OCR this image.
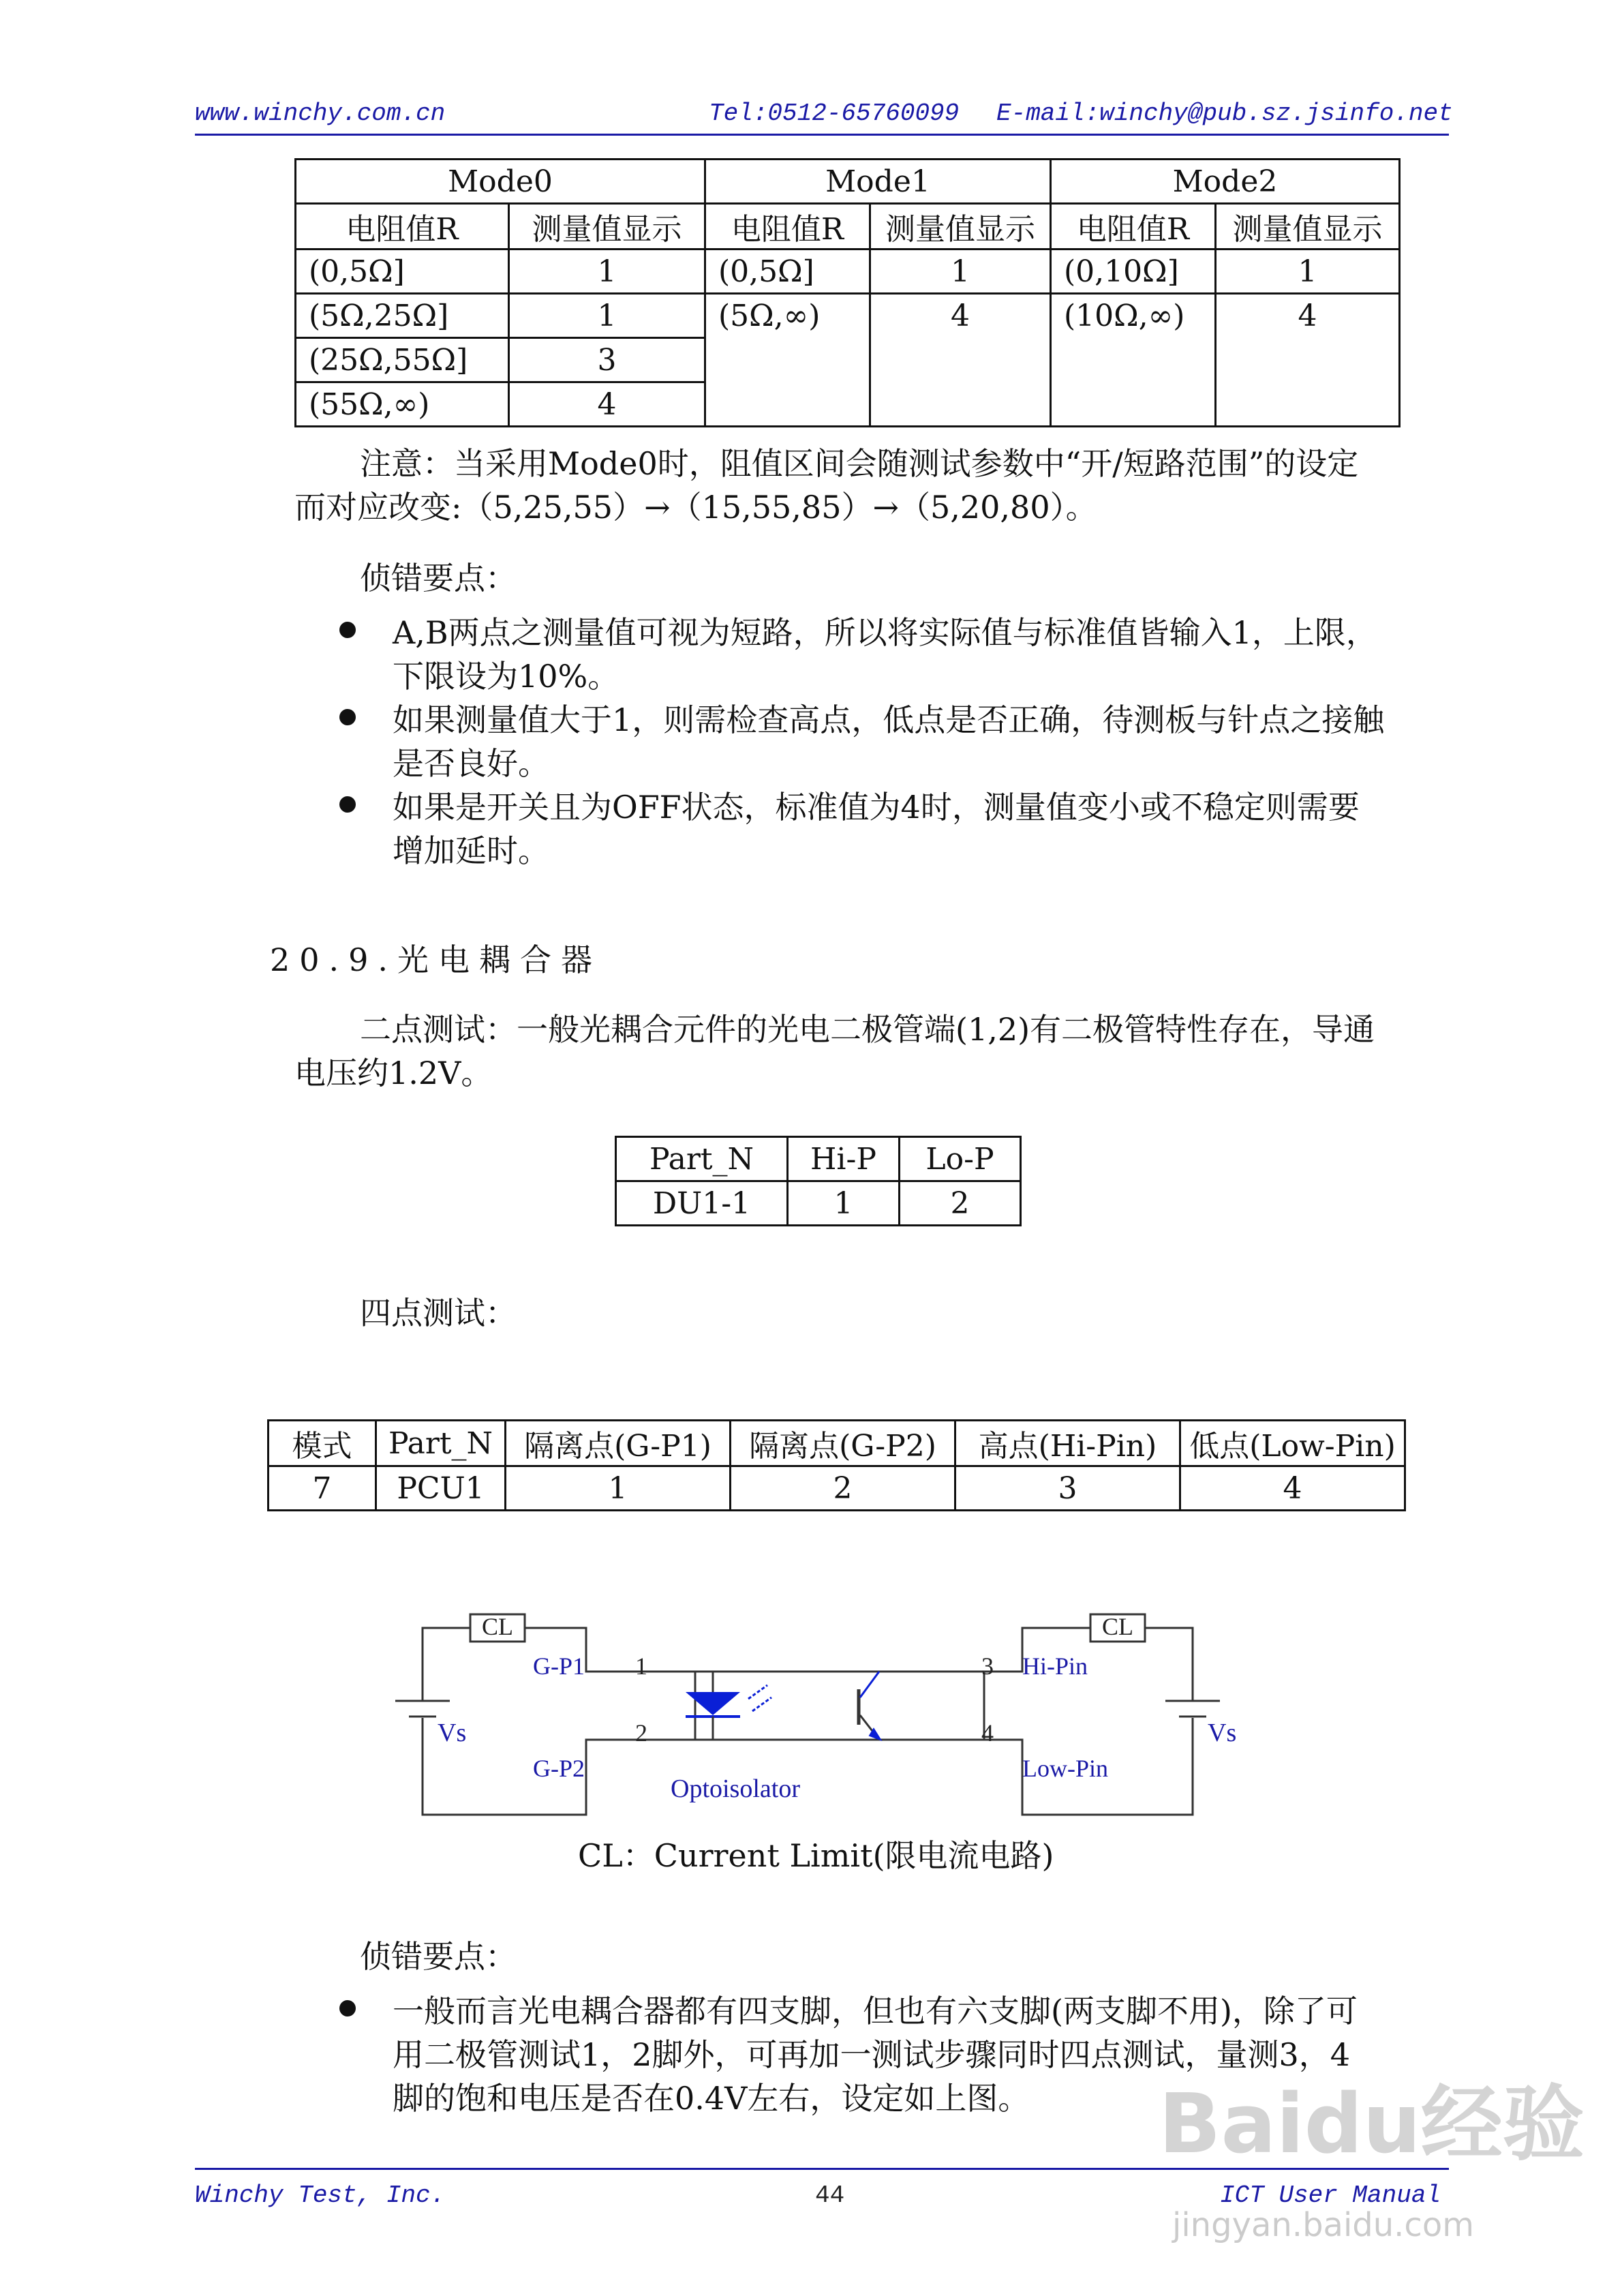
www.winchy.com.cn	Tel:0512-65760099 E-mail:winchy@pub.sz.jsinfo.net
Mode0		Mode1		Mode2	
电阻值R	测量值显示	电阻值R	测量值显示	电阻值R	测量值显示
(0,5Ω]	1	(0,5Ω]	1	(0,10Ω]	1
(5Ω,25Ω]	1	(5Ω,∞)	4	(10Ω,∞)	4
(25Ω,55Ω]	3				
(55Ω,∞)	4				
注意：当采用Mode0时，阻值区间会随测试参数中“开/短路范围”的设定
而对应改变:（5,25,55）→（15,55,85）→（5,20,80）。
侦错要点：
A,B两点之测量值可视为短路，所以将实际值与标准值皆输入1，上限，
下限设为10%。
如果测量值大于1，则需检查高点，低点是否正确，待测板与针点之接触
是否良好。
如果是开关且为OFF状态，标准值为4时，测量值变小或不稳定则需要
增加延时。
20.9.光电耦合器
二点测试：一般光耦合元件的光电二极管端(1,2)有二极管特性存在，导通
电压约1.2V。
Part_N	Hi-P	Lo-P
DU1-1	1	2
四点测试：
模式	Part_N	隔离点(G-P1)	隔离点(G-P2)	高点(Hi-Pin)	低点(Low-Pin)
7	PCU1	1	2	3	4
CL	CL
G-P1
G-P2
1
2
3
4
Hi-Pin
Low-Pin
Vs	Vs
Optoisolator
CL：Current Limit(限电流电路)
侦错要点：
一般而言光电耦合器都有四支脚，但也有六支脚(两支脚不用)，除了可
用二极管测试1，2脚外，可再加一测试步骤同时四点测试，量测3，4
脚的饱和电压是否在0.4V左右，设定如上图。
Winchy Test, Inc.	44	ICT User Manual
Baidu经验
jingyan.baidu.com
